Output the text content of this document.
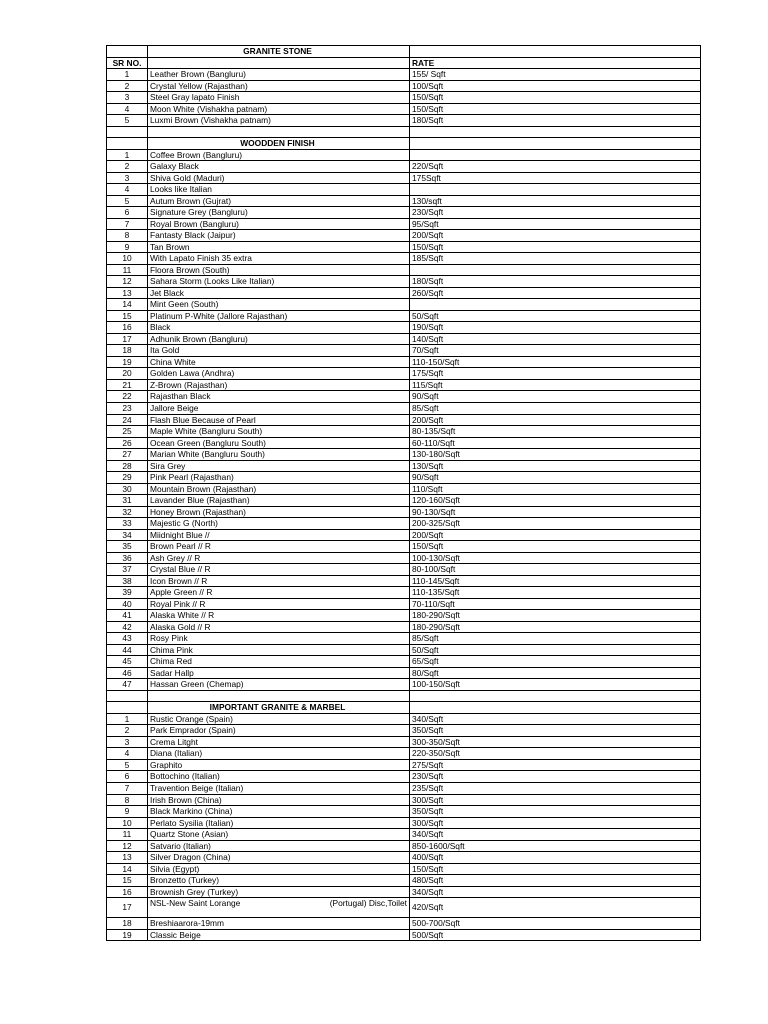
	GRANITE STONE	
SR NO.		RATE
1	Leather Brown (Bangluru)	155/ Sqft
2	Crystal Yellow (Rajasthan)	100/Sqft
3	Steel Gray lapato Finish	150/Sqft
4	Moon White (Vishakha patnam)	150/Sqft
5	Luxmi Brown (Vishakha patnam)	180/Sqft

	WOODDEN FINISH	
1	Coffee Brown (Bangluru)	
2	Galaxy Black	220/Sqft
3	Shiva Gold (Maduri)	175Sqft
4	Looks like Italian	
5	Autum Brown (Gujrat)	130/sqft
6	Signature Grey (Bangluru)	230/Sqft
7	Royal Brown (Bangluru)	95/Sqft
8	Fantasty Black (Jaipur)	200/Sqft
9	Tan Brown	150/Sqft
10	With Lapato Finish 35 extra	185/Sqft
11	Floora Brown (South)	
12	Sahara Storm (Looks Like Italian)	180/Sqft
13	Jet Black	260/Sqft
14	Mint Geen (South)	
15	Platinum P-White (Jallore Rajasthan)	50/Sqft
16	Black	190/Sqft
17	Adhunik Brown (Bangluru)	140/Sqft
18	Ita Gold	70/Sqft
19	China White	110-150/Sqft
20	Golden Lawa (Andhra)	175/Sqft
21	Z-Brown (Rajasthan)	115/Sqft
22	Rajasthan Black	90/Sqft
23	Jallore Beige	85/Sqft
24	Flash Blue Because of Pearl	200/Sqft
25	Maple White (Bangluru South)	80-135/Sqft
26	Ocean Green (Bangluru South)	60-110/Sqft
27	Marian White (Bangluru South)	130-180/Sqft
28	Sira Grey	130/Sqft
29	Pink Pearl (Rajasthan)	90/Sqft
30	Mountain Brown (Rajasthan)	110/Sqft
31	Lavander Blue (Rajasthan)	120-160/Sqft
32	Honey Brown (Rajasthan)	90-130/Sqft
33	Majestic G (North)	200-325/Sqft
34	Miidnight Blue //	200/Sqft
35	Brown Pearl // R	150/Sqft
36	Ash Grey // R	100-130/Sqft
37	Crystal Blue // R	80-100/Sqft
38	Icon Brown // R	110-145/Sqft
39	Apple Green // R	110-135/Sqft
40	Royal Pink // R	70-110/Sqft
41	Alaska White // R	180-290/Sqft
42	Alaska Gold // R	180-290/Sqft
43	Rosy Pink	85/Sqft
44	Chima Pink	50/Sqft
45	Chima Red	65/Sqft
46	Sadar Hallp	80/Sqft
47	Hassan Green (Chemap)	100-150/Sqft

	IMPORTANT GRANITE & MARBEL	
1	Rustic Orange (Spain)	340/Sqft
2	Park Emprador (Spain)	350/Sqft
3	Crema Litght	300-350/Sqft
4	Diana (Italian)	220-350/Sqft
5	Graphito	275/Sqft
6	Bottochino (Italian)	230/Sqft
7	Travention Beige (Italian)	235/Sqft
8	Irish Brown (China)	300/Sqft
9	Black Markino (China)	350/Sqft
10	Perlato Sysilia (Italian)	300/Sqft
11	Quartz Stone (Asian)	340/Sqft
12	Satvario (Italian)	850-1600/Sqft
13	Silver Dragon (China)	400/Sqft
14	Silvia (Egypt)	150/Sqft
15	Bronzetto (Turkey)	480/Sqft
16	Brownish Grey (Turkey)	340/Sqft
17	NSL-New Saint Lorange (Portugal) Disc,Toilet	420/Sqft
18	Breshiaarora-19mm	500-700/Sqft
19	Classic Beige	500/Sqft
